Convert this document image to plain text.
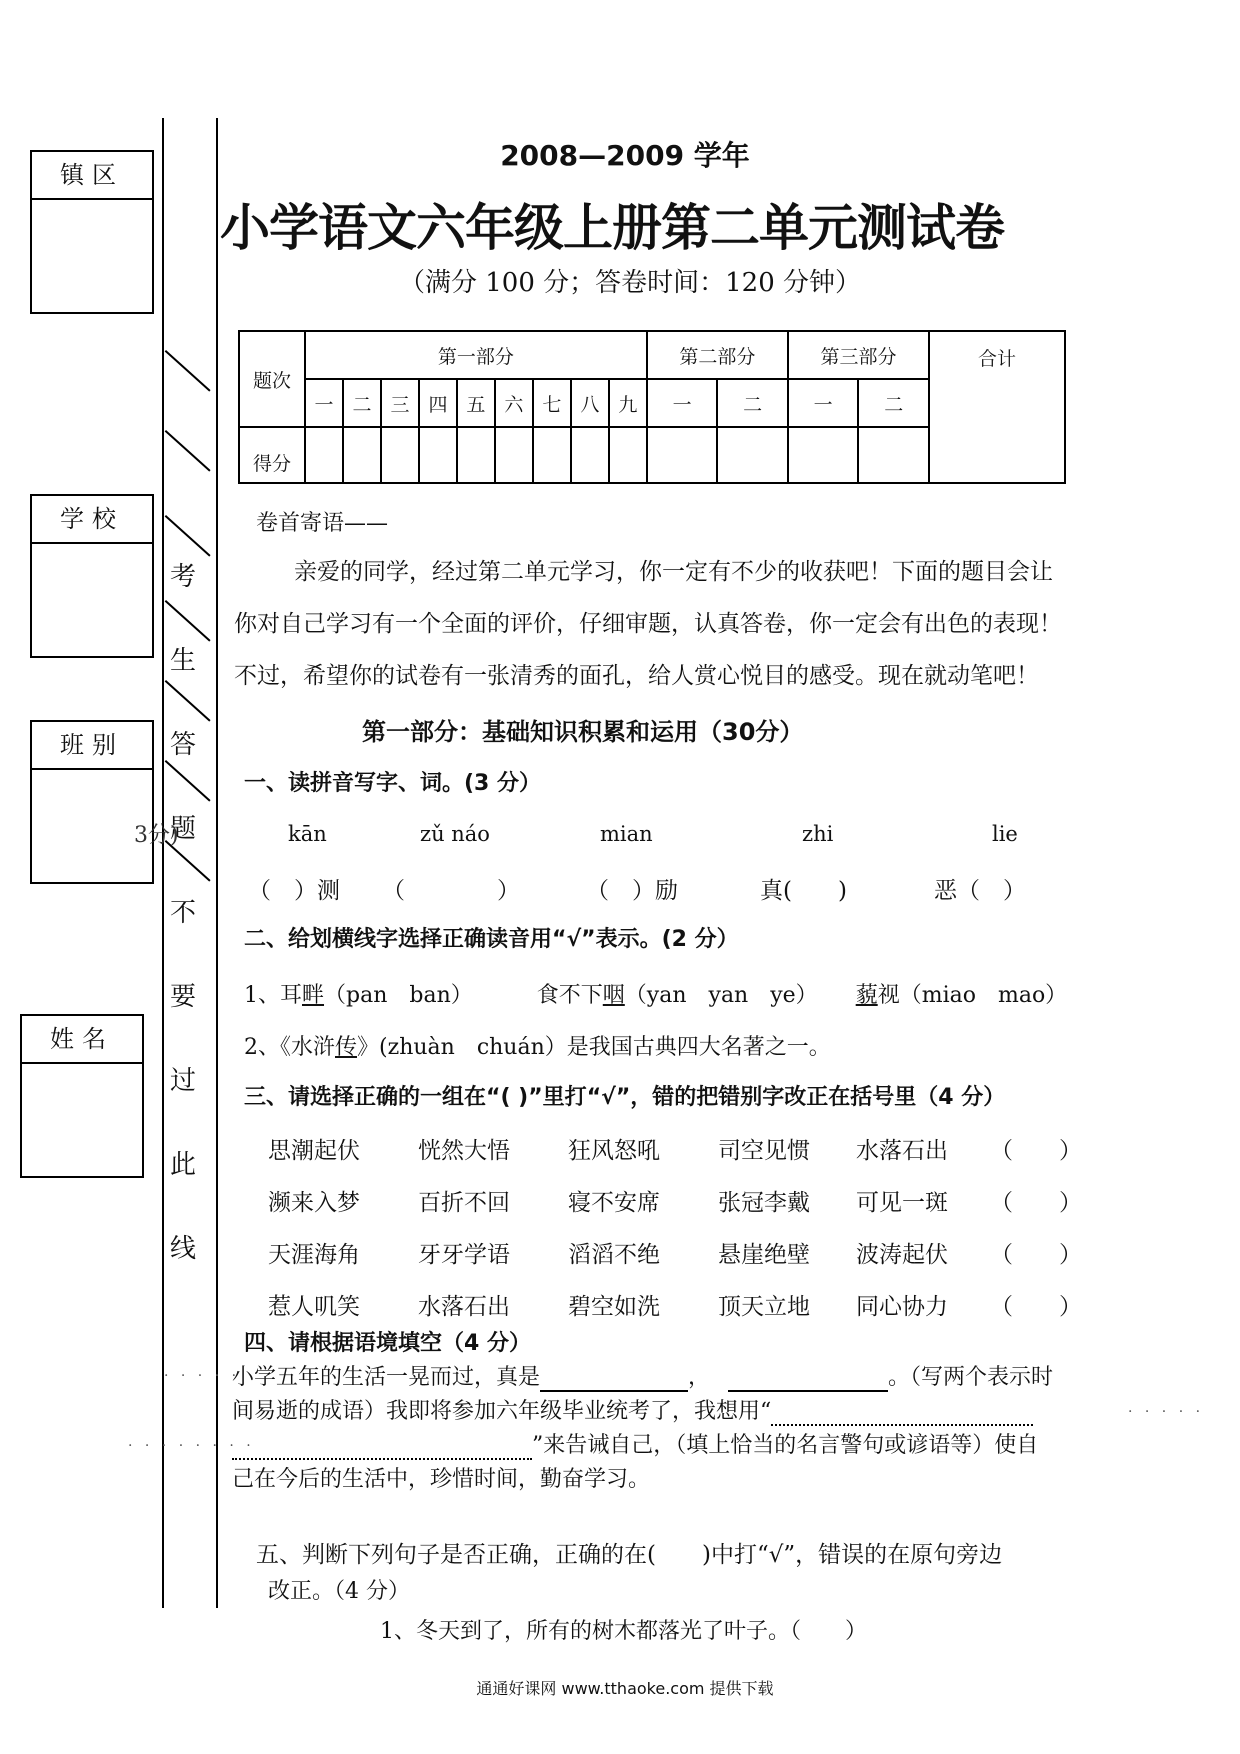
镇区
学校
班别
姓名
考
生
答
题
不
要
过
此
线
3分)
2008—2009 学年
小学语文六年级上册第二单元测试卷
（满分 100 分；答卷时间：120 分钟）
题次	第一部分									第二部分		第三部分		合计
	一	二	三	四	五	六	七	八	九	一	二	一	二	
得分														
卷首寄语——
亲爱的同学，经过第二单元学习，你一定有不少的收获吧！下面的题目会让
你对自己学习有一个全面的评价，仔细审题，认真答卷，你一定会有出色的表现！
不过，希望你的试卷有一张清秀的面孔，给人赏心悦目的感受。现在就动笔吧！
第一部分：基础知识积累和运用（30分）
一、读拼音写字、词。(3 分）
kān	zǔ náo	mian	zhi	lie
（　）测 （　　　　）	（　）励	真(　　)	恶（　）
二、给划横线字选择正确读音用“√”表示。(2 分）
1、耳畔（pan　ban）	食不下咽（yan　yan　ye） 藐视（miao　mao）
2、《水浒传》(zhuàn　chuán）是我国古典四大名著之一。
三、请选择正确的一组在“( )”里打“√”，错的把错别字改正在括号里（4 分）
思潮起伏	恍然大悟	狂风怒吼	司空见惯 水落石出 （　　）
濒来入梦	百折不回	寝不安席	张冠李戴 可见一斑 （　　）
天涯海角	牙牙学语	滔滔不绝	悬崖绝壁 波涛起伏 （　　）
惹人叽笑	水落石出	碧空如洗	顶天立地 同心协力 （　　）
四、请根据语境填空（4 分）
· · · · ·
· · · · · · · ·
· · · · ·
小学五年的生活一晃而过，真是	，	。（写两个表示时
间易逝的成语）我即将参加六年级毕业统考了，我想用“
”来告诫自己，（填上恰当的名言警句或谚语等）使自
己在今后的生活中，珍惜时间，勤奋学习。
五、判断下列句子是否正确，正确的在(　　)中打“√”，错误的在原句旁边
改正。（4 分）
1、冬天到了，所有的树木都落光了叶子。（　　）
通通好课网 www.tthaoke.com 提供下载
